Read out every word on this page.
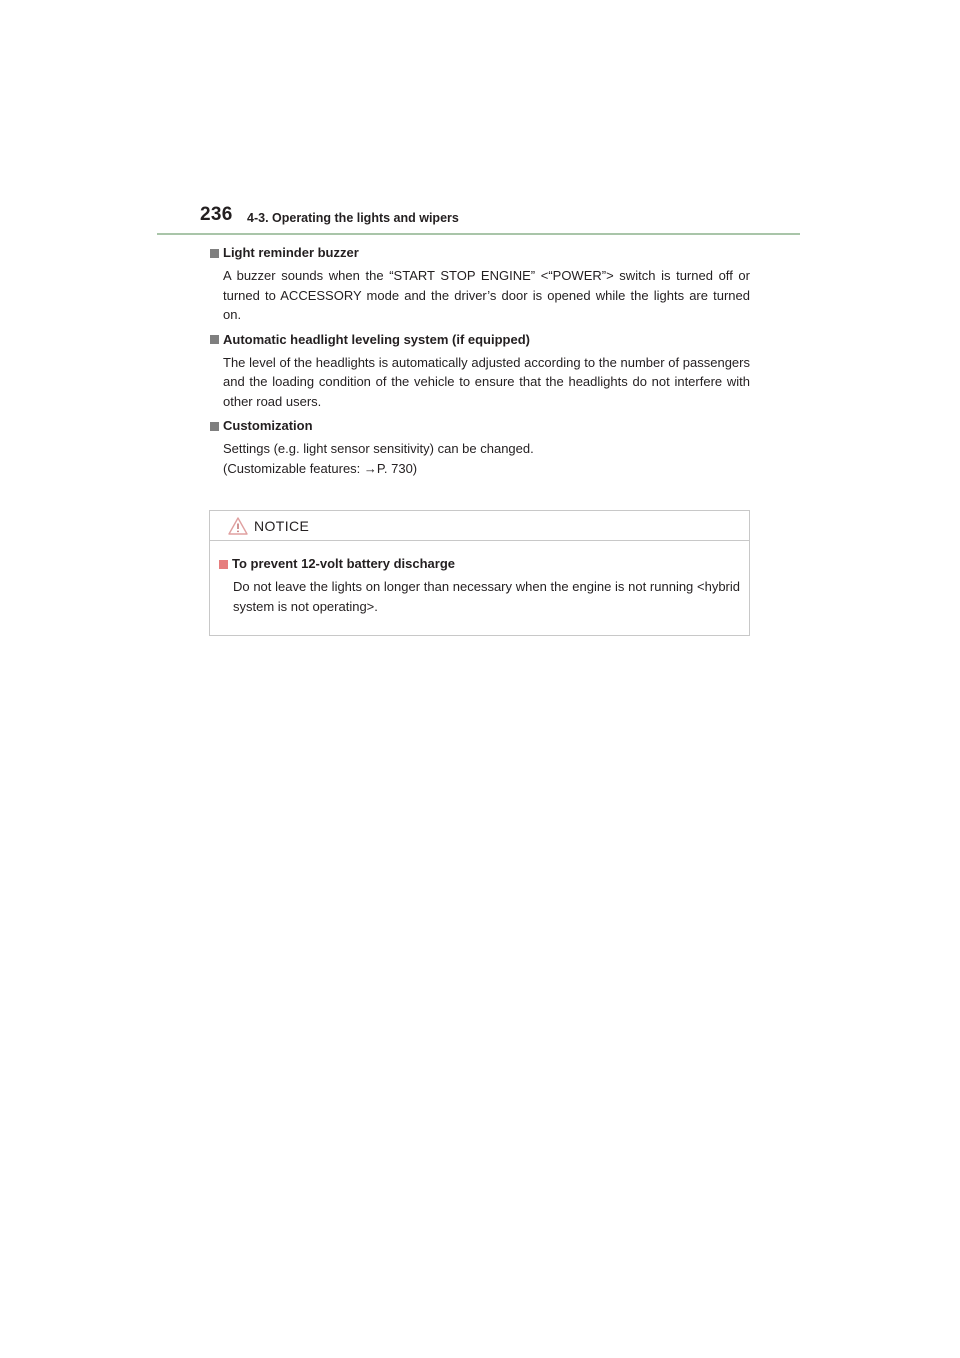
236 4-3. Operating the lights and wipers
Light reminder buzzer
A buzzer sounds when the “START STOP ENGINE” <“POWER”> switch is turned off or turned to ACCESSORY mode and the driver’s door is opened while the lights are turned on.
Automatic headlight leveling system (if equipped)
The level of the headlights is automatically adjusted according to the number of passengers and the loading condition of the vehicle to ensure that the headlights do not interfere with other road users.
Customization
Settings (e.g. light sensor sensitivity) can be changed.
(Customizable features: →P. 730)
NOTICE
To prevent 12-volt battery discharge
Do not leave the lights on longer than necessary when the engine is not running <hybrid system is not operating>.
